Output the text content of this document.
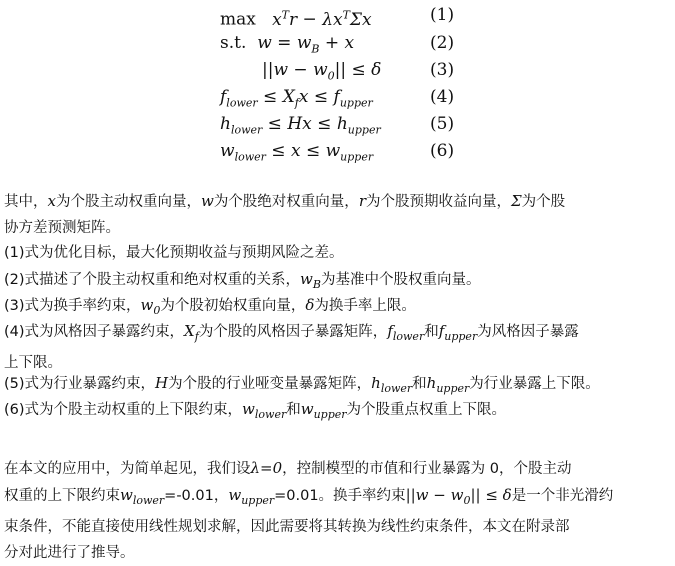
$\max x^Tr - \lambda x^T\Sigma x$	(1)
s.t. $w = w_B + x$	(2)
$||w - w_0|| \le \delta$	(3)
$f_{lower} \le X_fx \le f_{upper}$	(4)
$h_{lower} \le Hx \le h_{upper}$	(5)
$w_{lower} \le x \le w_{upper}$	(6)
其中，x为个股主动权重向量，w为个股绝对权重向量，r为个股预期收益向量，Σ为个股
协方差预测矩阵。
(1)式为优化目标，最大化预期收益与预期风险之差。
(2)式描述了个股主动权重和绝对权重的关系，$w_B$为基准中个股权重向量。
(3)式为换手率约束，$w_0$为个股初始权重向量，δ为换手率上限。
(4)式为风格因子暴露约束，$X_f$为个股的风格因子暴露矩阵，$f_{lower}$和$f_{upper}$为风格因子暴露
上下限。
(5)式为行业暴露约束，H为个股的行业哑变量暴露矩阵，$h_{lower}$和$h_{upper}$为行业暴露上下限。
(6)式为个股主动权重的上下限约束，$w_{lower}$和$w_{upper}$为个股重点权重上下限。
在本文的应用中，为简单起见，我们设λ=0，控制模型的市值和行业暴露为 0，个股主动
权重的上下限约束$w_{lower}=-0.01$，$w_{upper}=0.01$。换手率约束$||w - w_0|| \le \delta$是一个非光滑约
束条件，不能直接使用线性规划求解，因此需要将其转换为线性约束条件，本文在附录部
分对此进行了推导。
